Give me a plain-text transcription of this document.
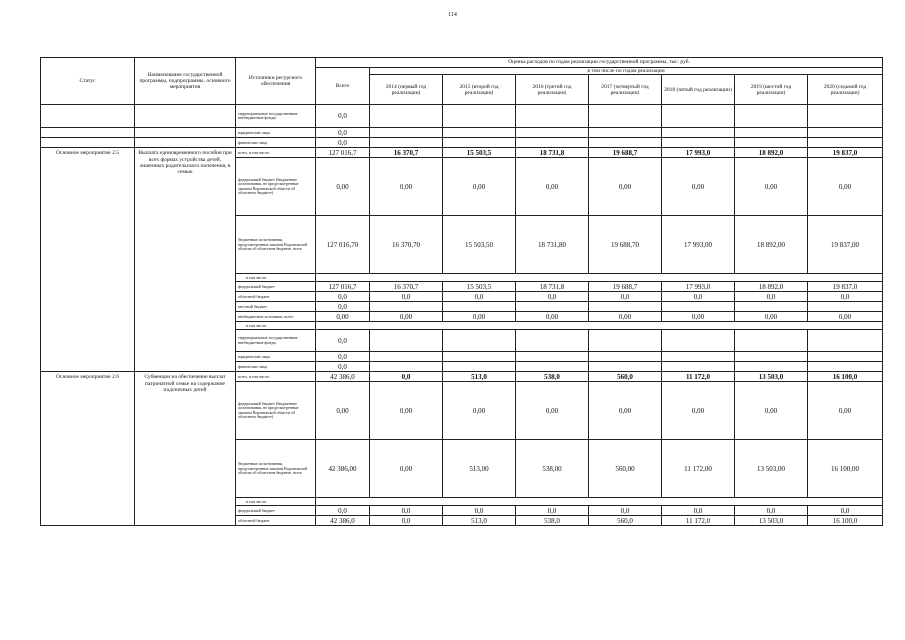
114
Статус	Наименование государственной программы, подпрограммы, основного мероприятия	Источники ресурсного обеспечения	Оценка расходов по годам реализации государственной программы, тыс. руб.							
			Всего	в том числе по годам реализации						
				2014 (первый год реализации)	2015 (второй год реализации)	2016 (третий год реализации)	2017 (четвертый год реализации)	2018 (пятый год реализации)	2019 (шестой год реализации)	2020 (седьмой год реализации)
		территориальные государственные внебюджетные фонды	0,0							
		юридические лица	0,0							
		физические лица	0,0							
Основное мероприятие 2.5	Выплата единовременного пособия при всех формах устройства детей, лишенных родительского попечения, в семью	всего, в том числе:	127 016,7	16 370,7	15 503,5	18 731,8	19 688,7	17 993,0	18 892,0	19 837,0
		федеральный бюджет (бюджетные ассигнования, не предусмотренные законом Воронежской области об областном бюджете)	0,00	0,00	0,00	0,00	0,00	0,00	0,00	0,00
		бюджетные ассигнования, предусмотренные законом Воронежской области об областном бюджете, всего	127 016,70	16 370,70	15 503,50	18 731,80	19 688,70	17 993,00	18 892,00	19 837,00
		в том числе:								
		федеральный бюджет	127 016,7	16 370,7	15 503,5	18 731,8	19 688,7	17 993,0	18 892,0	19 837,0
		областной бюджет	0,0	0,0	0,0	0,0	0,0	0,0	0,0	0,0
		местный бюджет	0,0							
		внебюджетные источники, всего	0,00	0,00	0,00	0,00	0,00	0,00	0,00	0,00
		в том числе:								
		территориальные государственные внебюджетные фонды	0,0							
		юридические лица	0,0							
		физические лица	0,0							
Основное мероприятие 2.6	Субвенции на обеспечение выплат патронатной семье на содержание подопечных детей	всего, в том числе:	42 386,0	0,0	513,0	538,0	560,0	11 172,0	13 503,0	16 100,0
		федеральный бюджет (бюджетные ассигнования, не предусмотренные законом Воронежской области об областном бюджете)	0,00	0,00	0,00	0,00	0,00	0,00	0,00	0,00
		бюджетные ассигнования, предусмотренные законом Воронежской области об областном бюджете, всего	42 386,00	0,00	513,00	538,00	560,00	11 172,00	13 503,00	16 100,00
		в том числе:								
		федеральный бюджет	0,0	0,0	0,0	0,0	0,0	0,0	0,0	0,0
		областной бюджет	42 386,0	0,0	513,0	538,0	560,0	11 172,0	13 503,0	16 100,0
